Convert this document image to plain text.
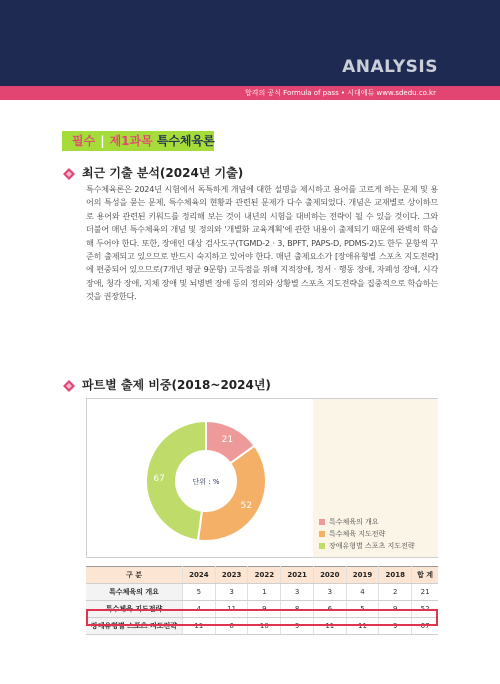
ANALYSIS
합격의 공식 Formula of pass • 시대에듀 www.sdedu.co.kr
필수 | 제1과목 특수체육론
최근 기출 분석(2024년 기출)
특수체육론은 2024년 시험에서 독특하게 개념에 대한 설명을 제시하고 용어를 고르게 하는 문제 및 용어의 특성을 묻는 문제, 특수체육의 현황과 관련된 문제가 다수 출제되었다. 개념은 교재별로 상이하므로 용어와 관련된 키워드를 정리해 보는 것이 내년의 시험을 대비하는 전략이 될 수 있을 것이다. 그와 더불어 매년 특수체육의 개념 및 정의와 '개별화 교육계획'에 관한 내용이 출제되기 때문에 완벽히 학습해 두어야 한다. 또한, 장애인 대상 검사도구(TGMD-2 · 3, BPFT, PAPS-D, PDMS-2)도 한두 문항씩 꾸준히 출제되고 있으므로 반드시 숙지하고 있어야 한다. 매년 출제요소가 [장애유형별 스포츠 지도전략]에 편중되어 있으므로(7개년 평균 9문항) 고득점을 위해 지적장애, 정서 · 행동 장애, 자폐성 장애, 시각 장애, 청각 장애, 지체 장애 및 뇌병변 장애 등의 정의와 상황별 스포츠 지도전략을 집중적으로 학습하는 것을 권장한다.
파트별 출제 비중(2018~2024년)
21
52
67	단위 : %
특수체육의 개요
특수체육 지도전략
장애유형별 스포츠 지도전략
구 분	2024	2023	2022	2021	2020	2019	2018	합 계
특수체육의 개요	5	3	1	3	3	4	2	21
특수체육 지도전략	4	11	9	8	6	5	9	52
장애유형별 스포츠 지도전략	11	6	10	9	11	11	9	67
